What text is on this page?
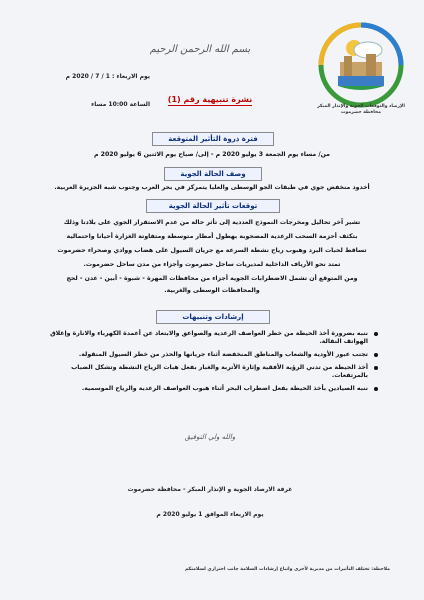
بسم الله الرحمن الرحيم
الإرصاد والتوقعات الجوية والإنذار المبكر
محافظة حضرموت
يوم الاربعاء : 1 / 7 / 2020 م
الساعة 10:00 مساء
نشرة تنبيهية رقم (1)
فترة ذروة التأثير المتوقعة
من/ مساء يوم الجمعة 3 يوليو 2020 م - إلى/ صباح يوم الاثنين 6 يوليو 2020 م
وصف الحالة الجوية
أخدود منخفض جوي في طبقات الجو الوسطى والعليا يتمركز في بحر العرب وجنوب شبه الجزيرة العربية.
توقعات تأثير الحالة الجوية
تشير آخر تحاليل ومخرجات النموذج العددية إلى تأثر حالة من عدم الاستقرار الجوي على بلادنا وذلك
بتكثف أحزمة السحب الرعدية المصحوبة بهطول أمطار متوسطة ومتفاوتة الغزارة أحيانا واحتمالية
تساقط لحبات البرد وهبوب رياح نشطة السرعة مع جريان السيول على هضاب ووادي وصحراء حضرموت
تمتد نحو الأرياف الداخلية لمديريات ساحل حضرموت وأجزاء من مدن ساحل حضرموت.
ومن المتوقع أن تشمل الاضطرابات الجوية أجزاء من محافظات المهرة - شبوة - أبين - عدن - لحج
والمحافظات الوسطى والغربية.
إرشادات وتنبيهات
ننبه بضرورة أخذ الحيطة من خطر العواصف الرعدية والصواعق والابتعاد عن أعمدة الكهرباء والانارة وإغلاق الهواتف النقالة.
تجنب عبور الأودية والشعاب والمناطق المنخفضة أثناء جريانها والحذر من خطر السيول المنقولة.
أخذ الحيطة من تدني الرؤية الأفقية وإثارة الأتربة والغبار بفعل هبات الرياح النشطة وتشكل الضباب بالمرتفعات.
ننبه الصيادين بأخذ الحيطة بفعل اضطراب البحر أثناء هبوب العواصف الرعدية والرياح الموسمية.
والله ولي التوفيق
غرفة الارصاد الجوية و الإنذار المبكر - محافظة حضرموت
يوم الاربعاء الموافق 1 يوليو 2020 م
ملاحظة: تختلف التأثيرات من مديرية لأخرى واتباع إرشادات السلامة جانب احترازي لسلامتكم
